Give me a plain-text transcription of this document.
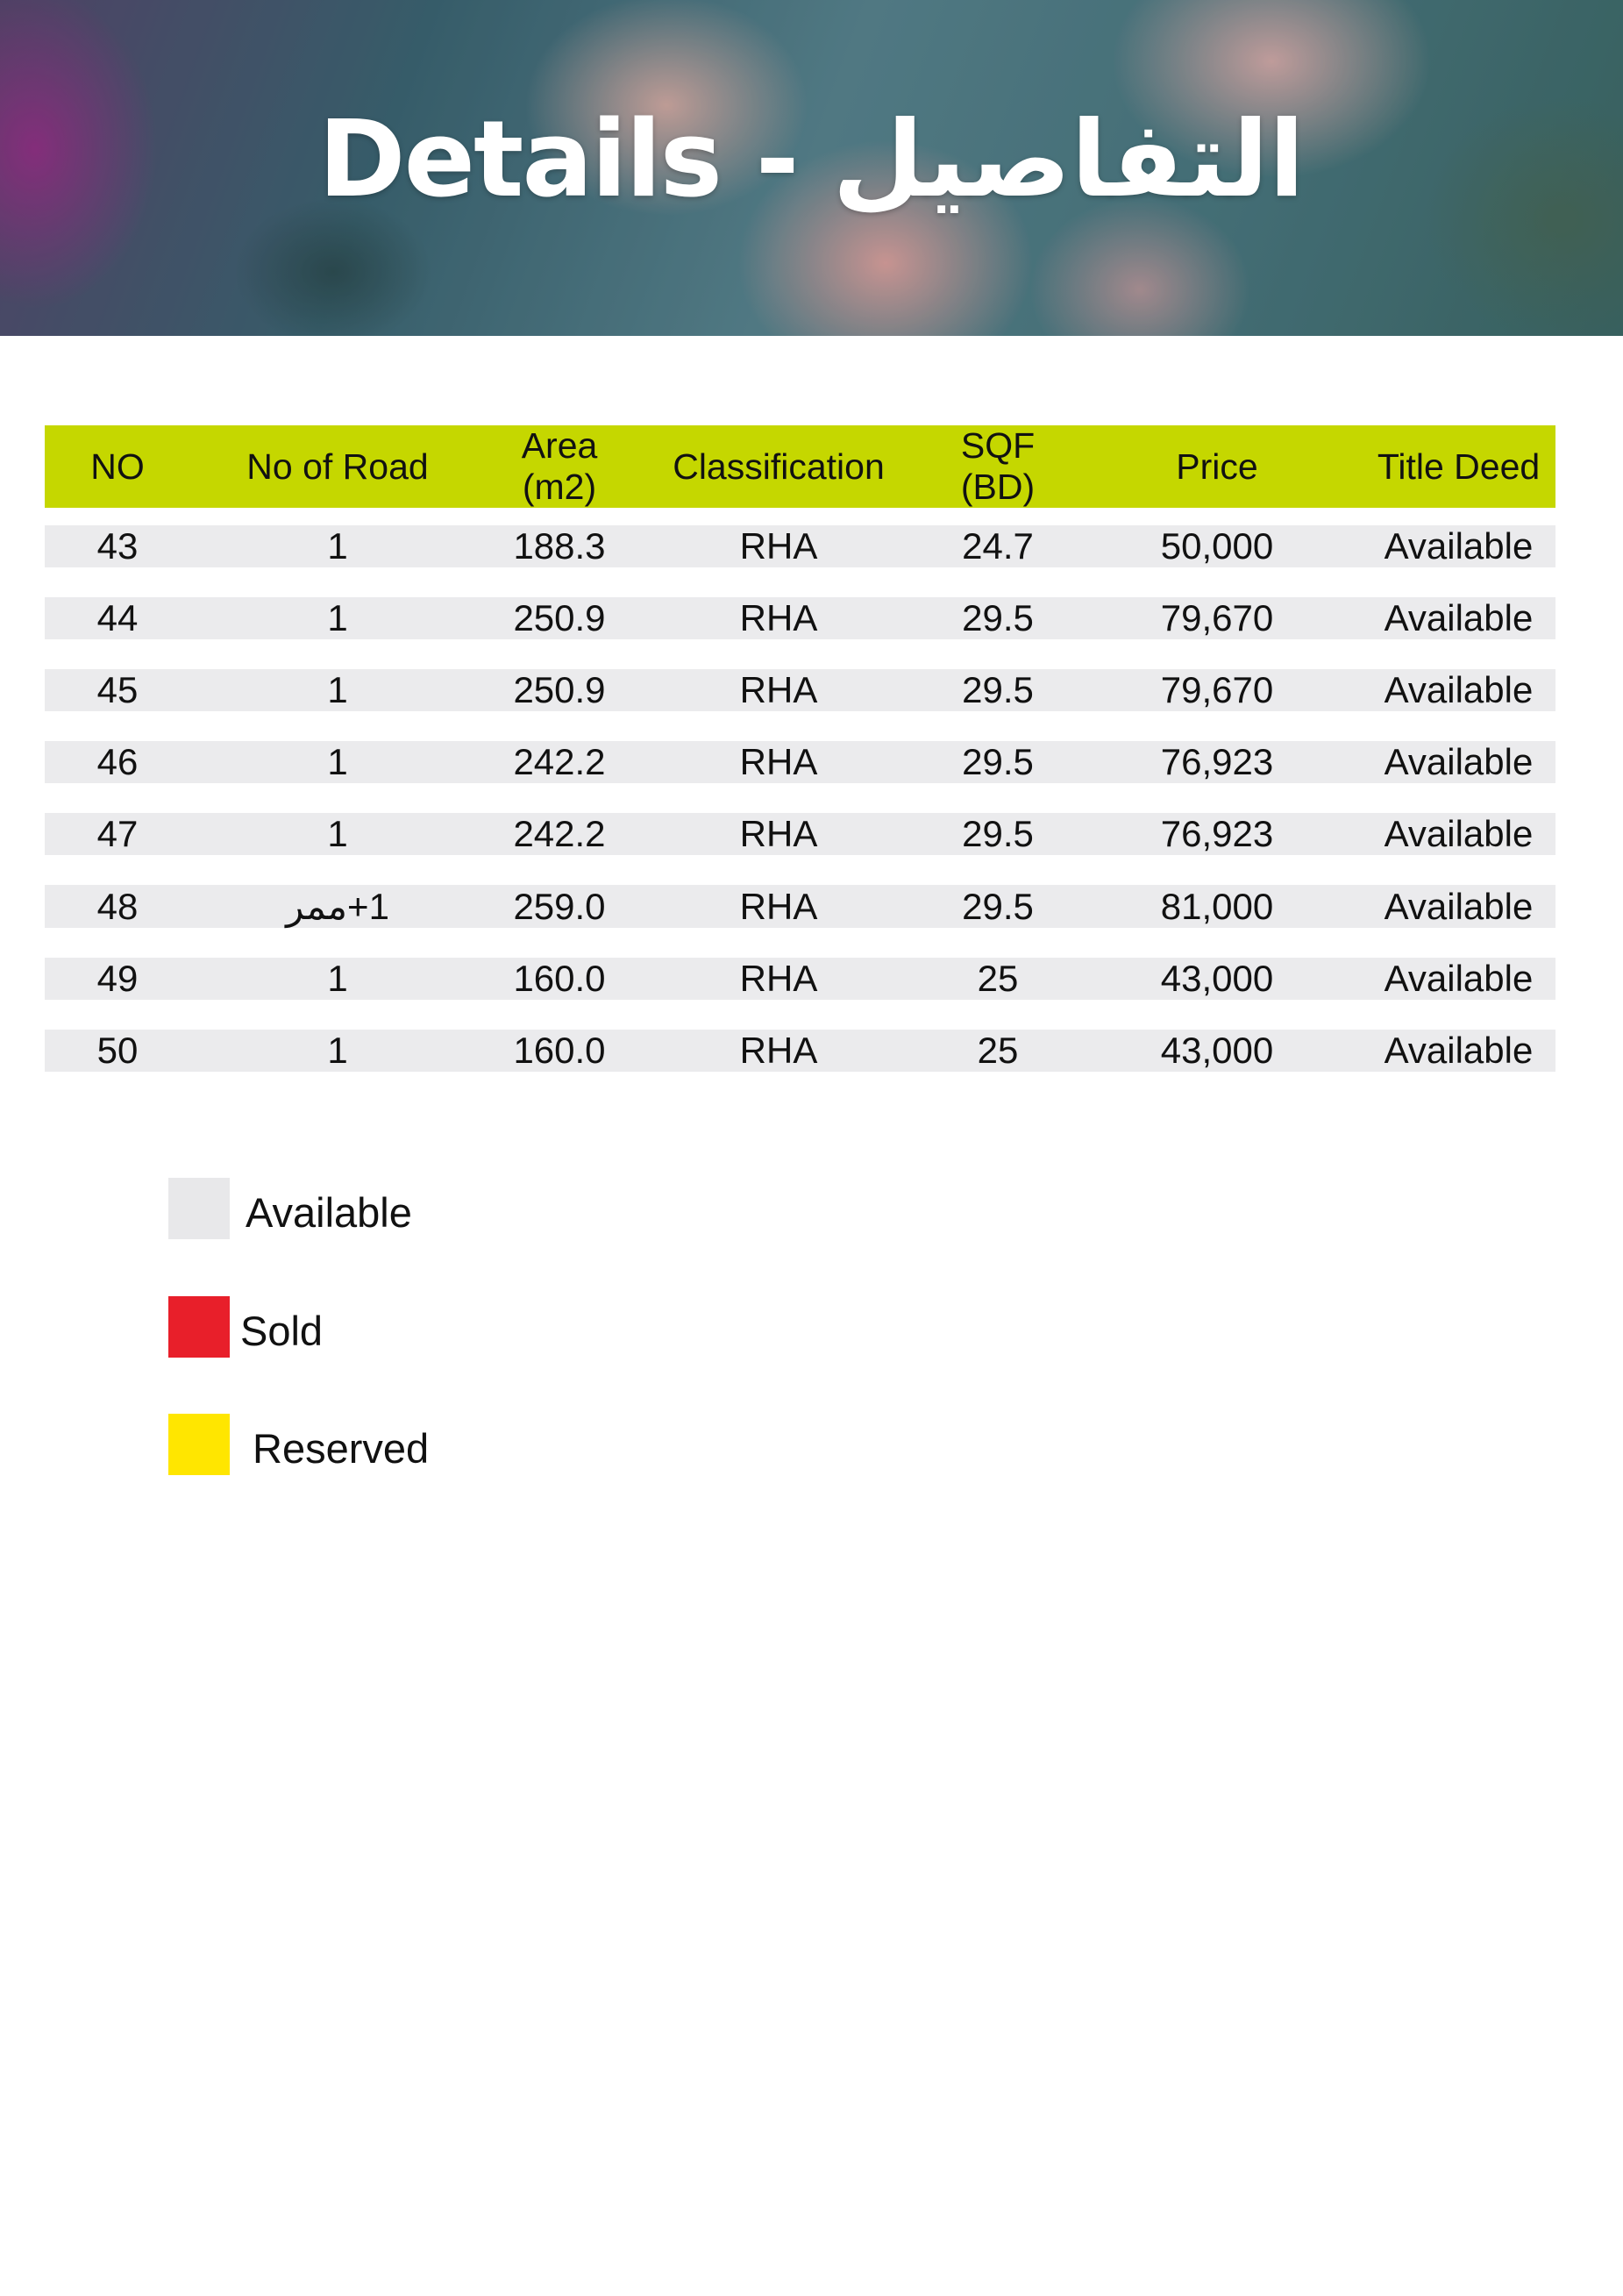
Details - التفاصيل
NO	No of Road	Area (m2)	Classification	SQF (BD)	Price	Title Deed

43	1	188.3	RHA	24.7	50,000	Available

44	1	250.9	RHA	29.5	79,670	Available

45	1	250.9	RHA	29.5	79,670	Available

46	1	242.2	RHA	29.5	76,923	Available

47	1	242.2	RHA	29.5	76,923	Available

48	1+ممر	259.0	RHA	29.5	81,000	Available

49	1	160.0	RHA	25	43,000	Available

50	1	160.0	RHA	25	43,000	Available
Available
Sold
Reserved
